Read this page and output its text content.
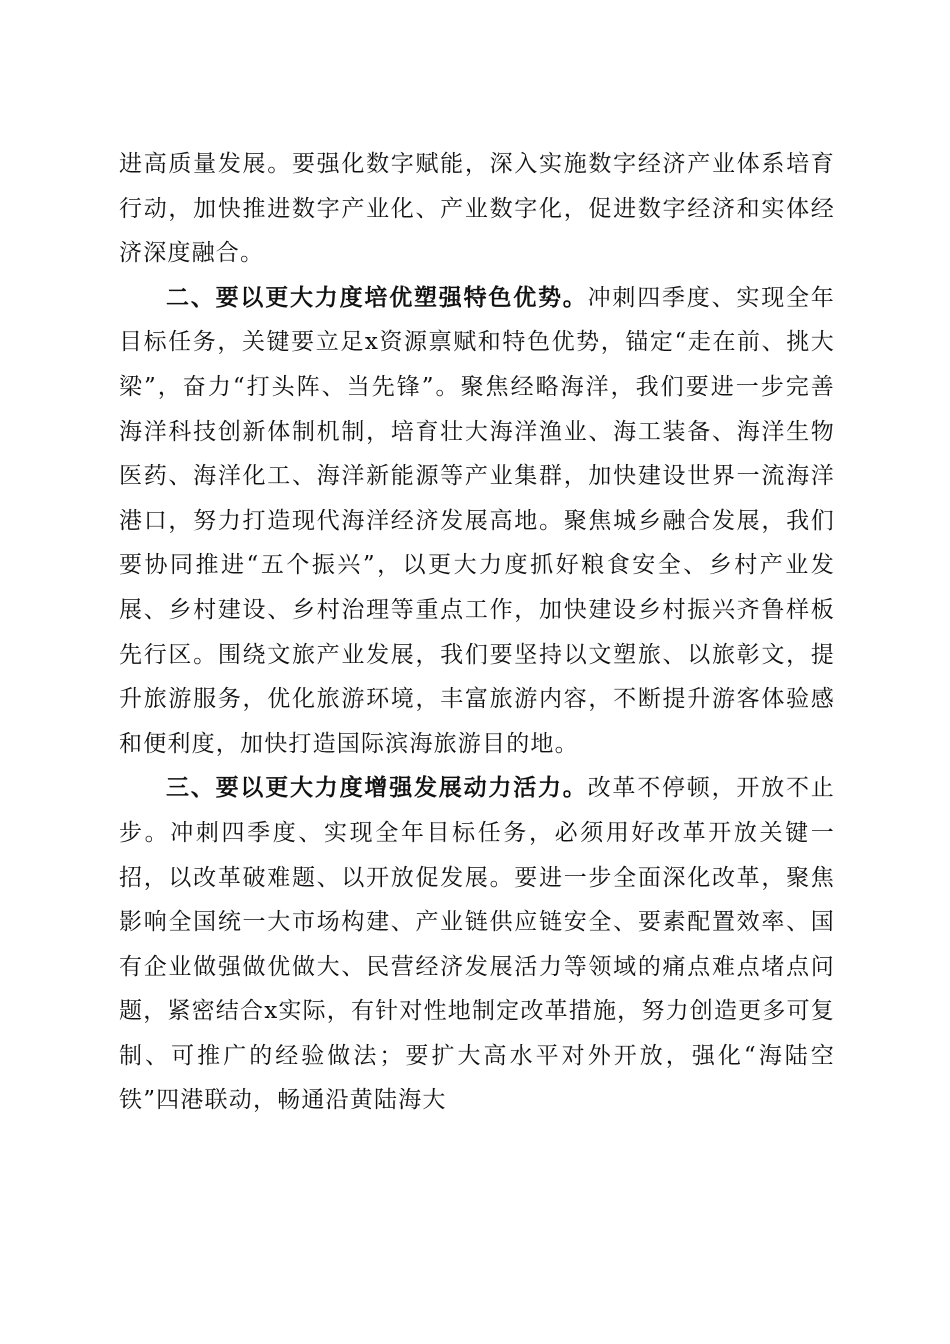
进高质量发展。要强化数字赋能，深入实施数字经济产业体系培育行动，加快推进数字产业化、产业数字化，促进数字经济和实体经济深度融合。

二、要以更大力度培优塑强特色优势。冲刺四季度、实现全年目标任务，关键要立足x资源禀赋和特色优势，锚定“走在前、挑大梁”，奋力“打头阵、当先锋”。聚焦经略海洋，我们要进一步完善海洋科技创新体制机制，培育壮大海洋渔业、海工装备、海洋生物医药、海洋化工、海洋新能源等产业集群，加快建设世界一流海洋港口，努力打造现代海洋经济发展高地。聚焦城乡融合发展，我们要协同推进“五个振兴”，以更大力度抓好粮食安全、乡村产业发展、乡村建设、乡村治理等重点工作，加快建设乡村振兴齐鲁样板先行区。围绕文旅产业发展，我们要坚持以文塑旅、以旅彰文，提升旅游服务，优化旅游环境，丰富旅游内容，不断提升游客体验感和便利度，加快打造国际滨海旅游目的地。

三、要以更大力度增强发展动力活力。改革不停顿，开放不止步。冲刺四季度、实现全年目标任务，必须用好改革开放关键一招，以改革破难题、以开放促发展。要进一步全面深化改革，聚焦影响全国统一大市场构建、产业链供应链安全、要素配置效率、国有企业做强做优做大、民营经济发展活力等领域的痛点难点堵点问题，紧密结合x实际，有针对性地制定改革措施，努力创造更多可复制、可推广的经验做法；要扩大高水平对外开放，强化“海陆空铁”四港联动，畅通沿黄陆海大
